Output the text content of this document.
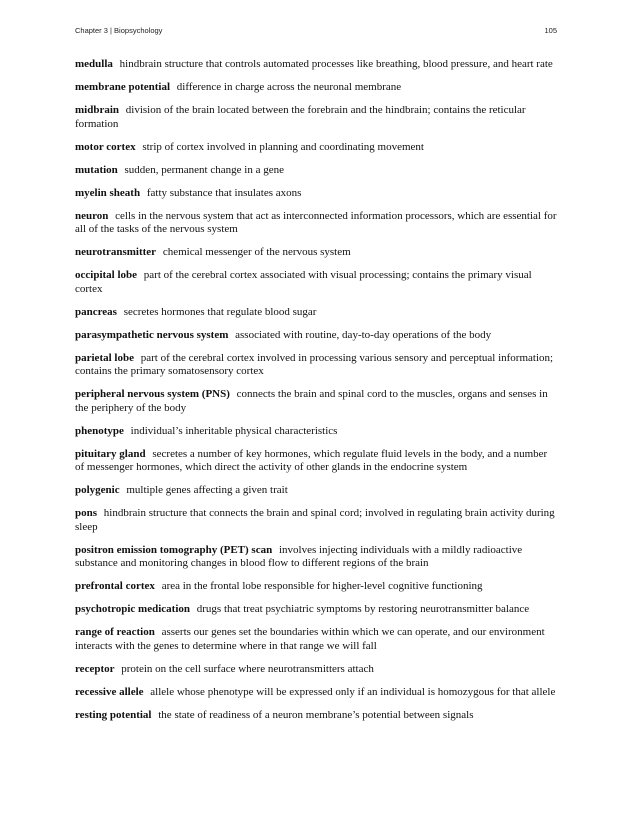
Chapter 3 | Biopsychology	105

medulla hindbrain structure that controls automated processes like breathing, blood pressure, and heart rate

membrane potential difference in charge across the neuronal membrane

midbrain division of the brain located between the forebrain and the hindbrain; contains the reticular formation

motor cortex strip of cortex involved in planning and coordinating movement

mutation sudden, permanent change in a gene

myelin sheath fatty substance that insulates axons

neuron cells in the nervous system that act as interconnected information processors, which are essential for all of the tasks of the nervous system

neurotransmitter chemical messenger of the nervous system

occipital lobe part of the cerebral cortex associated with visual processing; contains the primary visual cortex

pancreas secretes hormones that regulate blood sugar

parasympathetic nervous system associated with routine, day-to-day operations of the body

parietal lobe part of the cerebral cortex involved in processing various sensory and perceptual information; contains the primary somatosensory cortex

peripheral nervous system (PNS) connects the brain and spinal cord to the muscles, organs and senses in the periphery of the body

phenotype individual’s inheritable physical characteristics

pituitary gland secretes a number of key hormones, which regulate fluid levels in the body, and a number of messenger hormones, which direct the activity of other glands in the endocrine system

polygenic multiple genes affecting a given trait

pons hindbrain structure that connects the brain and spinal cord; involved in regulating brain activity during sleep

positron emission tomography (PET) scan involves injecting individuals with a mildly radioactive substance and monitoring changes in blood flow to different regions of the brain

prefrontal cortex area in the frontal lobe responsible for higher-level cognitive functioning

psychotropic medication drugs that treat psychiatric symptoms by restoring neurotransmitter balance

range of reaction asserts our genes set the boundaries within which we can operate, and our environment interacts with the genes to determine where in that range we will fall

receptor protein on the cell surface where neurotransmitters attach

recessive allele allele whose phenotype will be expressed only if an individual is homozygous for that allele

resting potential the state of readiness of a neuron membrane’s potential between signals
